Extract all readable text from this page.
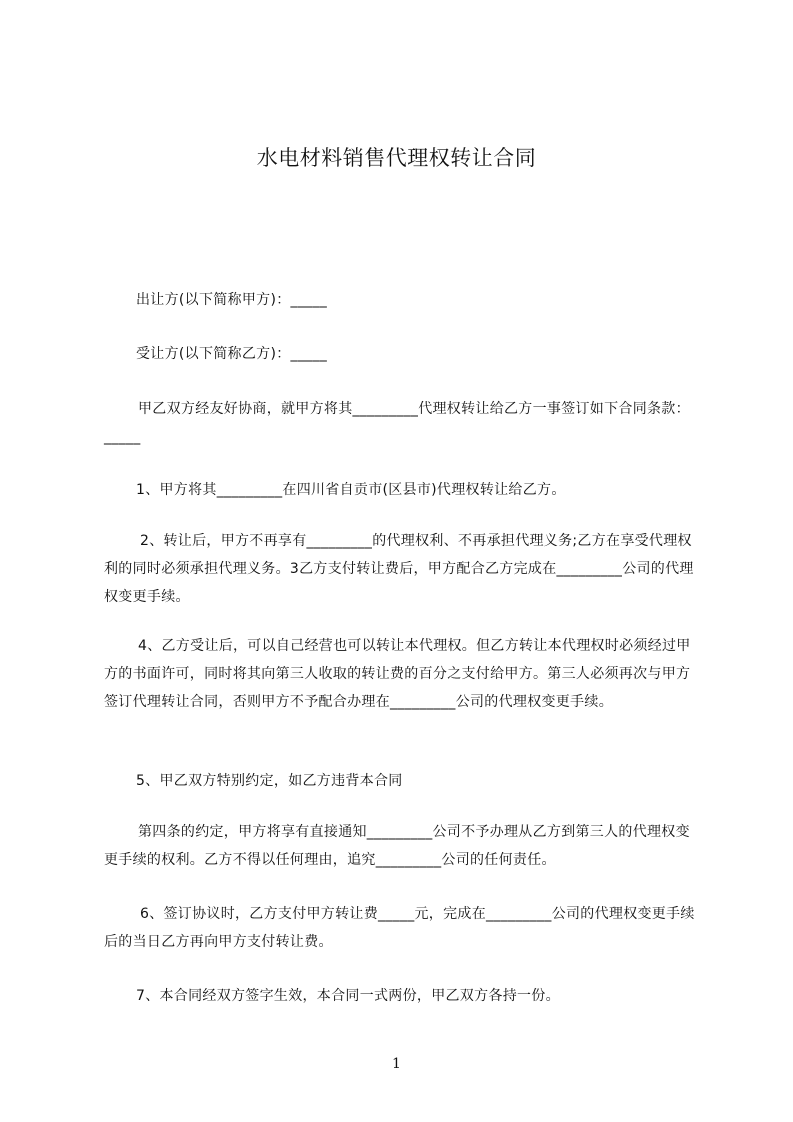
水电材料销售代理权转让合同

出让方(以下简称甲方)：_____

受让方(以下简称乙方)：_____

甲乙双方经友好协商，就甲方将其_________代理权转让给乙方一事签订如下合同条款：_____

1、甲方将其_________在四川省自贡市(区县市)代理权转让给乙方。

2、转让后，甲方不再享有_________的代理权利、不再承担代理义务;乙方在享受代理权利的同时必须承担代理义务。3乙方支付转让费后，甲方配合乙方完成在_________公司的代理权变更手续。

4、乙方受让后，可以自己经营也可以转让本代理权。但乙方转让本代理权时必须经过甲方的书面许可，同时将其向第三人收取的转让费的百分之支付给甲方。第三人必须再次与甲方签订代理转让合同，否则甲方不予配合办理在_________公司的代理权变更手续。

5、甲乙双方特别约定，如乙方违背本合同

第四条的约定，甲方将享有直接通知_________公司不予办理从乙方到第三人的代理权变更手续的权利。乙方不得以任何理由，追究_________公司的任何责任。

6、签订协议时，乙方支付甲方转让费_____元，完成在_________公司的代理权变更手续后的当日乙方再向甲方支付转让费。

7、本合同经双方签字生效，本合同一式两份，甲乙双方各持一份。

1
